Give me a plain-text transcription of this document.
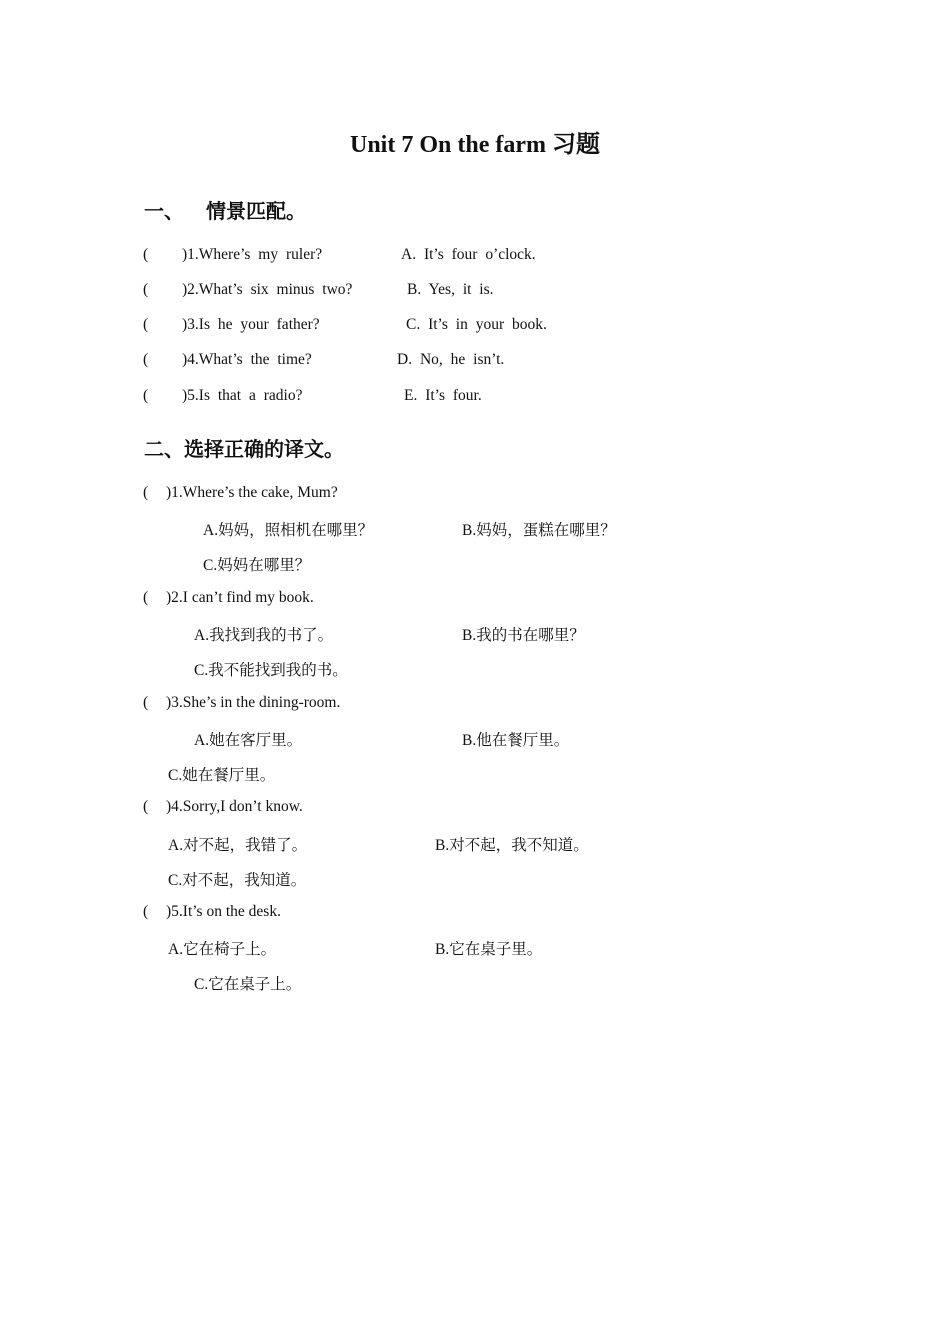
Unit 7 On the farm 习题
一、 情景匹配。
( )1.Where’s my ruler?	A. It’s four o’clock.
( )2.What’s six minus two?	B. Yes, it is.
( )3.Is he your father?	C. It’s in your book.
( )4.What’s the time?	D. No, he isn’t.
( )5.Is that a radio?	E. It’s four.
二、选择正确的译文。
( )1.Where’s the cake, Mum?
A.妈妈，照相机在哪里？	B.妈妈，蛋糕在哪里？
C.妈妈在哪里？
( )2.I can’t find my book.
A.我找到我的书了。	B.我的书在哪里？
C.我不能找到我的书。
( )3.She’s in the dining-room.
A.她在客厅里。	B.他在餐厅里。
C.她在餐厅里。
( )4.Sorry,I don’t know.
A.对不起，我错了。	B.对不起，我不知道。
C.对不起，我知道。
( )5.It’s on the desk.
A.它在椅子上。	B.它在桌子里。
C.它在桌子上。
